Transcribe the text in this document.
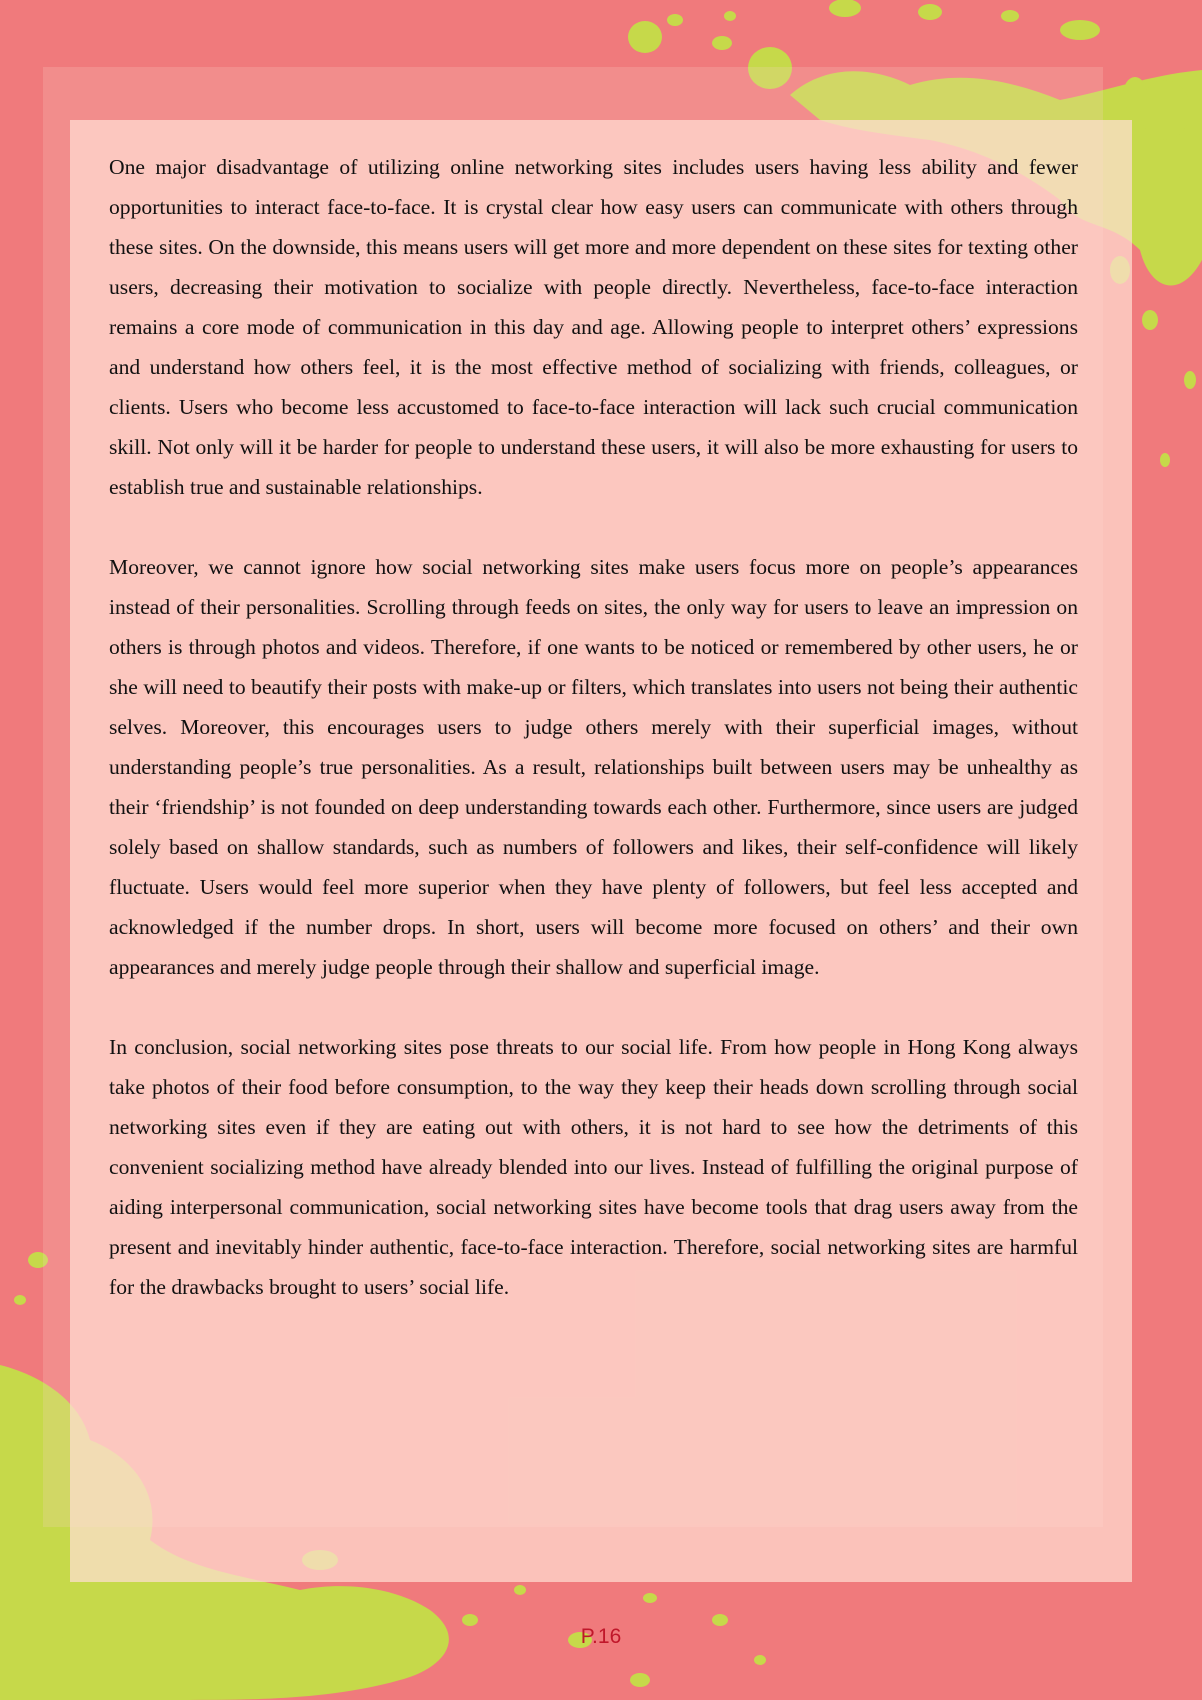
One major disadvantage of utilizing online networking sites includes users having less ability and fewer opportunities to interact face-to-face. It is crystal clear how easy users can communicate with others through these sites. On the downside, this means users will get more and more dependent on these sites for texting other users, decreasing their motivation to socialize with people directly. Nevertheless, face-to-face interaction remains a core mode of communication in this day and age. Allowing people to interpret others’ expressions and understand how others feel, it is the most effective method of socializing with friends, colleagues, or clients. Users who become less accustomed to face-to-face interaction will lack such crucial communication skill. Not only will it be harder for people to understand these users, it will also be more exhausting for users to establish true and sustainable relationships.

Moreover, we cannot ignore how social networking sites make users focus more on people’s appearances instead of their personalities. Scrolling through feeds on sites, the only way for users to leave an impression on others is through photos and videos. Therefore, if one wants to be noticed or remembered by other users, he or she will need to beautify their posts with make-up or filters, which translates into users not being their authentic selves. Moreover, this encourages users to judge others merely with their superficial images, without understanding people’s true personalities. As a result, relationships built between users may be unhealthy as their ‘friendship’ is not founded on deep understanding towards each other. Furthermore, since users are judged solely based on shallow standards, such as numbers of followers and likes, their self-confidence will likely fluctuate. Users would feel more superior when they have plenty of followers, but feel less accepted and acknowledged if the number drops. In short, users will become more focused on others’ and their own appearances and merely judge people through their shallow and superficial image.

In conclusion, social networking sites pose threats to our social life. From how people in Hong Kong always take photos of their food before consumption, to the way they keep their heads down scrolling through social networking sites even if they are eating out with others, it is not hard to see how the detriments of this convenient socializing method have already blended into our lives. Instead of fulfilling the original purpose of aiding interpersonal communication, social networking sites have become tools that drag users away from the present and inevitably hinder authentic, face-to-face interaction. Therefore, social networking sites are harmful for the drawbacks brought to users’ social life.

P.16
